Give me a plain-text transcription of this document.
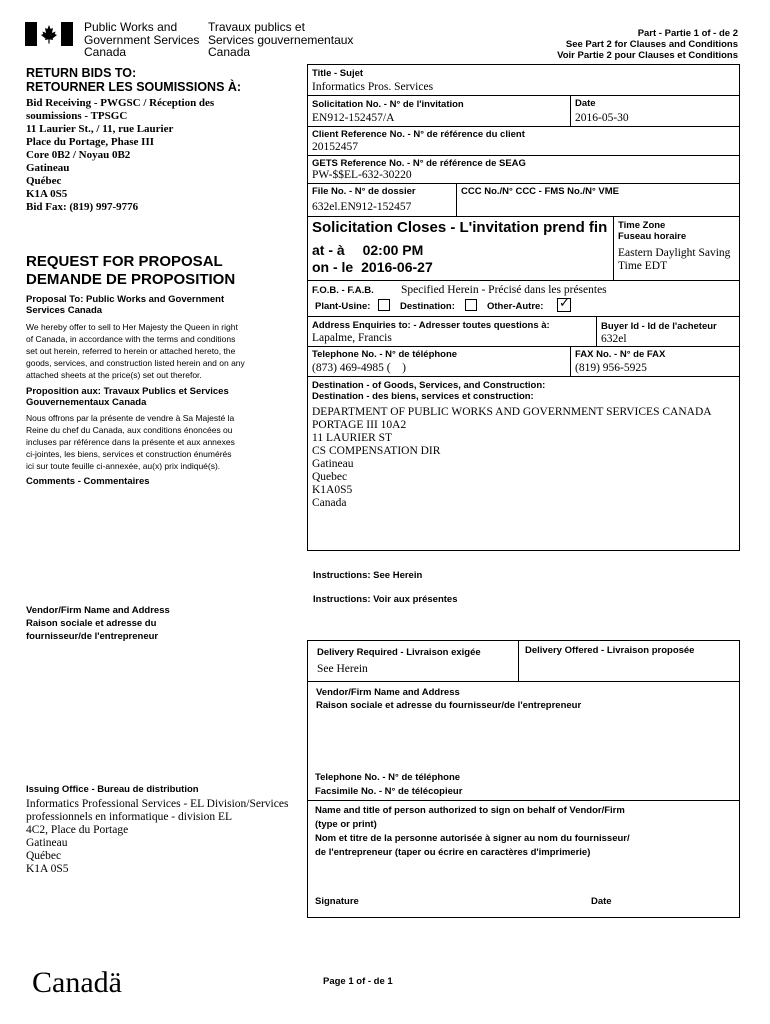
Public Works and
Government Services
Canada
Travaux publics et
Services gouvernementaux
Canada
Part - Partie 1 of - de 2
See Part 2 for Clauses and Conditions
Voir Partie 2 pour Clauses et Conditions
RETURN BIDS TO:
RETOURNER LES SOUMISSIONS À:
Bid Receiving - PWGSC / Réception des
soumissions - TPSGC
11 Laurier St., / 11, rue Laurier
Place du Portage, Phase III
Core 0B2 / Noyau 0B2
Gatineau
Québec
K1A 0S5
Bid Fax: (819) 997-9776
REQUEST FOR PROPOSAL
DEMANDE DE PROPOSITION
Proposal To: Public Works and Government
Services Canada
We hereby offer to sell to Her Majesty the Queen in right
of Canada, in accordance with the terms and conditions
set out herein, referred to herein or attached hereto, the
goods, services, and construction listed herein and on any
attached sheets at the price(s) set out therefor.
Proposition aux: Travaux Publics et Services
Gouvernementaux Canada
Nous offrons par la présente de vendre à Sa Majesté la
Reine du chef du Canada, aux conditions énoncées ou
incluses par référence dans la présente et aux annexes
ci-jointes, les biens, services et construction énumérés
ici sur toute feuille ci-annexée, au(x) prix indiqué(s).
Comments - Commentaires
Vendor/Firm Name and Address
Raison sociale et adresse du
fournisseur/de l'entrepreneur
Issuing Office - Bureau de distribution
Informatics Professional Services - EL Division/Services
professionnels en informatique - division EL
4C2, Place du Portage
Gatineau
Québec
K1A 0S5
Title - Sujet
Informatics Pros. Services
Solicitation No. - N° de l'invitation
EN912-152457/A
Date
2016-05-30
Client Reference No. - N° de référence du client
20152457
GETS Reference No. - N° de référence de SEAG
PW-$$EL-632-30220
File No. - N° de dossier
632el.EN912-152457
CCC No./N° CCC - FMS No./N° VME
Solicitation Closes - L'invitation prend fin
at - à 02:00 PM
on - le 2016-06-27
Time Zone
Fuseau horaire
Eastern Daylight Saving
Time EDT
F.O.B. - F.A.B. Specified Herein - Précisé dans les présentes
Plant-Usine:	Destination:	Other-Autre: ✓
Address Enquiries to: - Adresser toutes questions à:
Lapalme, Francis
Buyer Id - Id de l'acheteur
632el
Telephone No. - N° de téléphone
(873) 469-4985 (    )
FAX No. - N° de FAX
(819) 956-5925
Destination - of Goods, Services, and Construction:
Destination - des biens, services et construction:
DEPARTMENT OF PUBLIC WORKS AND GOVERNMENT SERVICES CANADA
PORTAGE III 10A2
11 LAURIER ST
CS COMPENSATION DIR
Gatineau
Quebec
K1A0S5
Canada
Instructions: See Herein
Instructions: Voir aux présentes
Delivery Required - Livraison exigée
See Herein
Delivery Offered - Livraison proposée
Vendor/Firm Name and Address
Raison sociale et adresse du fournisseur/de l'entrepreneur
Telephone No. - N° de téléphone
Facsimile No. - N° de télécopieur
Name and title of person authorized to sign on behalf of Vendor/Firm
(type or print)
Nom et titre de la personne autorisée à signer au nom du fournisseur/
de l'entrepreneur (taper ou écrire en caractères d'imprimerie)
Signature	Date
Canadä	Page 1 of - de 1
